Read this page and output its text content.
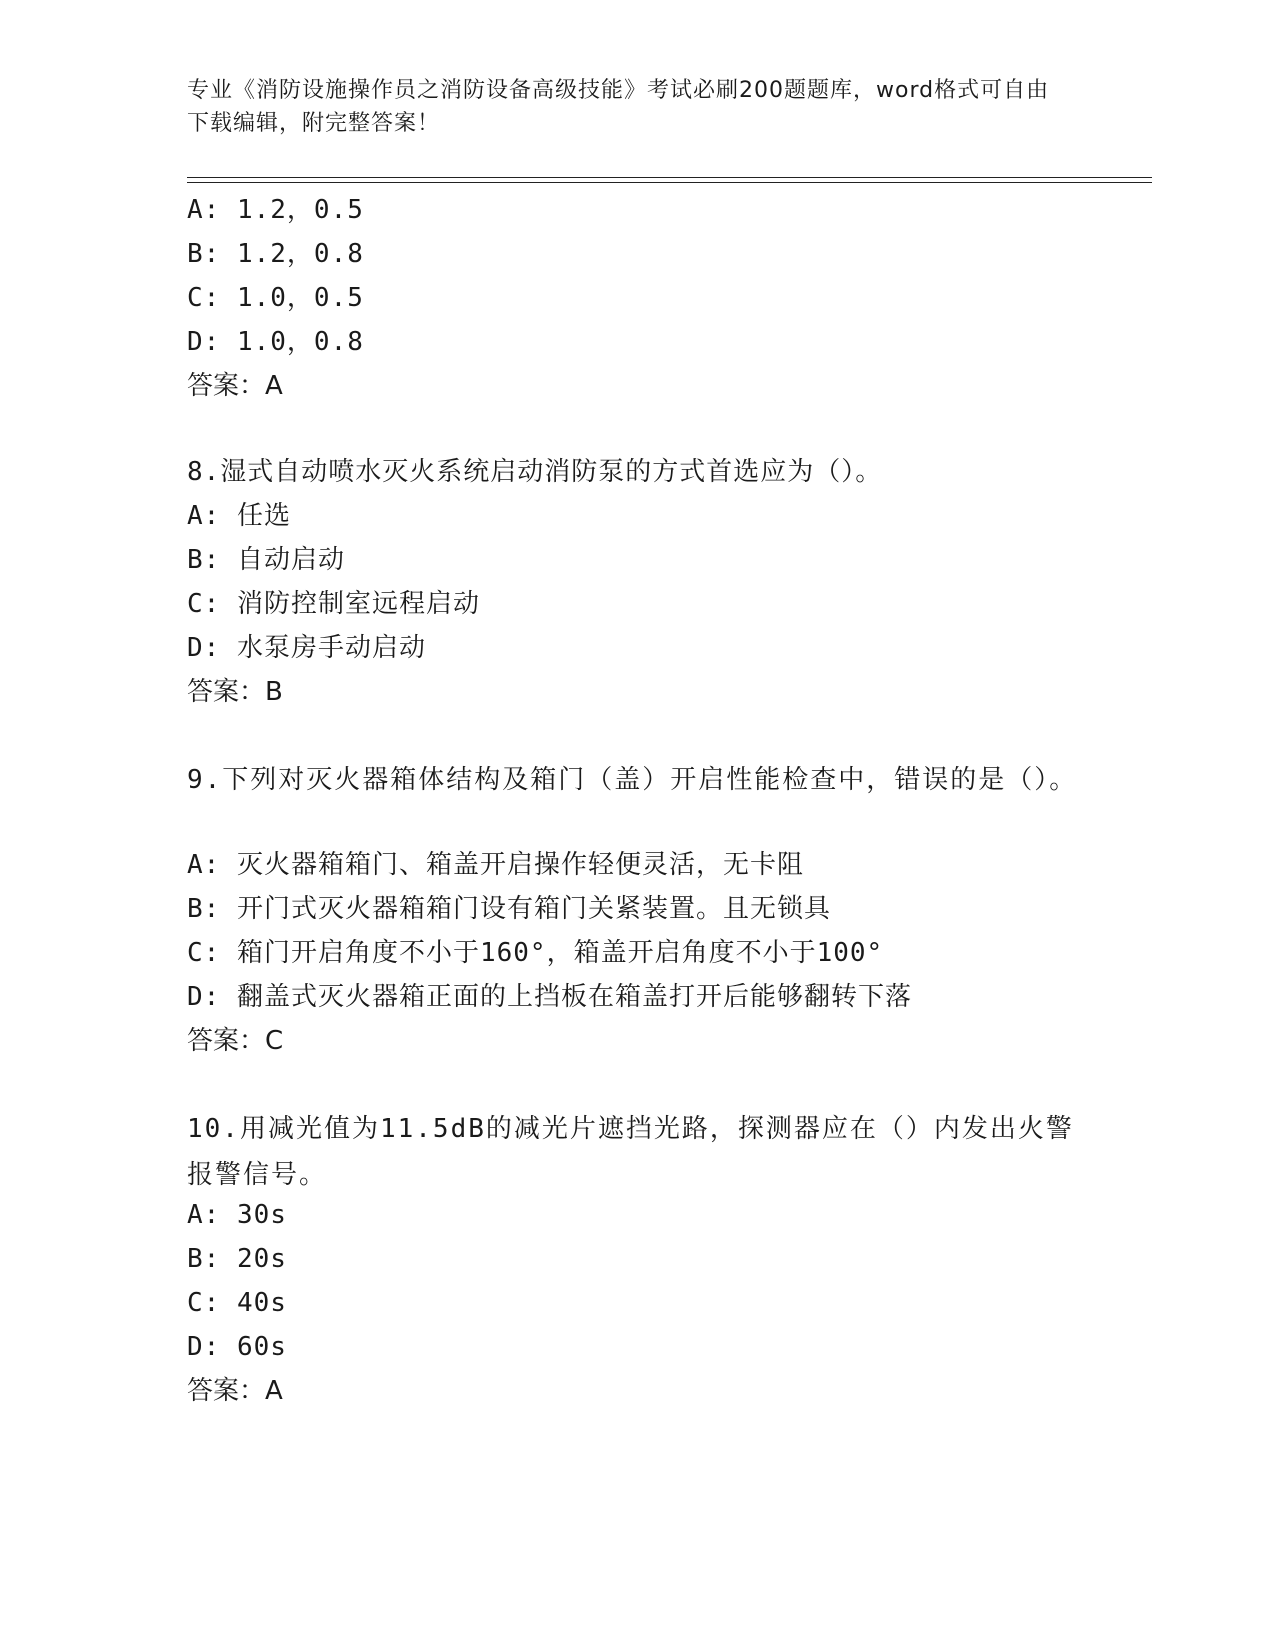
专业《消防设施操作员之消防设备高级技能》考试必刷200题题库，word格式可自由下载编辑，附完整答案！
A: 1.2，0.5
B: 1.2，0.8
C: 1.0，0.5
D: 1.0，0.8
答案：A
8.湿式自动喷水灭火系统启动消防泵的方式首选应为（）。
A: 任选
B: 自动启动
C: 消防控制室远程启动
D: 水泵房手动启动
答案：B
9.下列对灭火器箱体结构及箱门（盖）开启性能检查中，错误的是（）。
A: 灭火器箱箱门、箱盖开启操作轻便灵活，无卡阻
B: 开门式灭火器箱箱门设有箱门关紧装置。且无锁具
C: 箱门开启角度不小于160°，箱盖开启角度不小于100°
D: 翻盖式灭火器箱正面的上挡板在箱盖打开后能够翻转下落
答案：C
10.用减光值为11.5dB的减光片遮挡光路，探测器应在（）内发出火警报警信号。
A: 30s
B: 20s
C: 40s
D: 60s
答案：A
